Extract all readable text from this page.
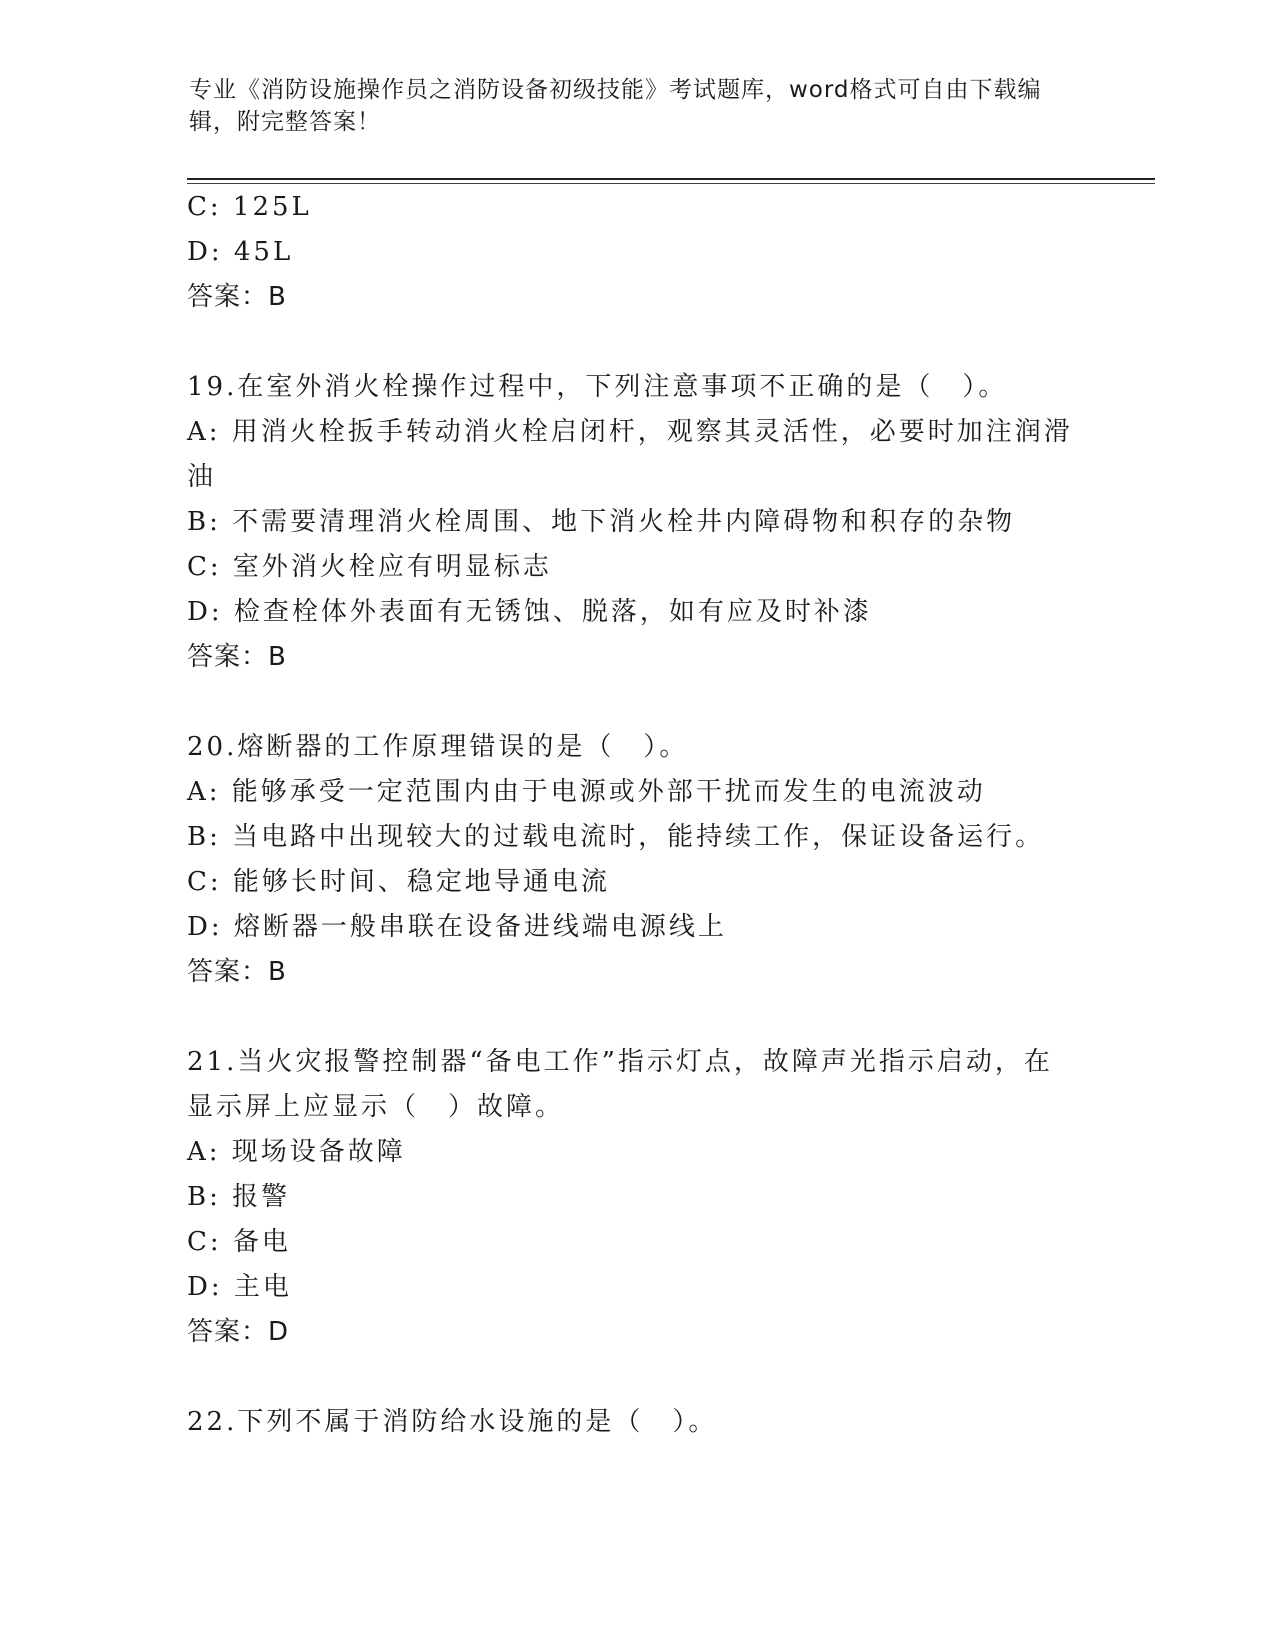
专业《消防设施操作员之消防设备初级技能》考试题库，word格式可自由下载编
辑，附完整答案！
C: 125L
D: 45L
答案：B
19.在室外消火栓操作过程中，下列注意事项不正确的是（　）。
A: 用消火栓扳手转动消火栓启闭杆，观察其灵活性，必要时加注润滑
油
B: 不需要清理消火栓周围、地下消火栓井内障碍物和积存的杂物
C: 室外消火栓应有明显标志
D: 检查栓体外表面有无锈蚀、脱落，如有应及时补漆
答案：B
20.熔断器的工作原理错误的是（　）。
A: 能够承受一定范围内由于电源或外部干扰而发生的电流波动
B: 当电路中出现较大的过载电流时，能持续工作，保证设备运行。
C: 能够长时间、稳定地导通电流
D: 熔断器一般串联在设备进线端电源线上
答案：B
21.当火灾报警控制器“备电工作”指示灯点，故障声光指示启动，在
显示屏上应显示（　）故障。
A: 现场设备故障
B: 报警
C: 备电
D: 主电
答案：D
22.下列不属于消防给水设施的是（　）。
